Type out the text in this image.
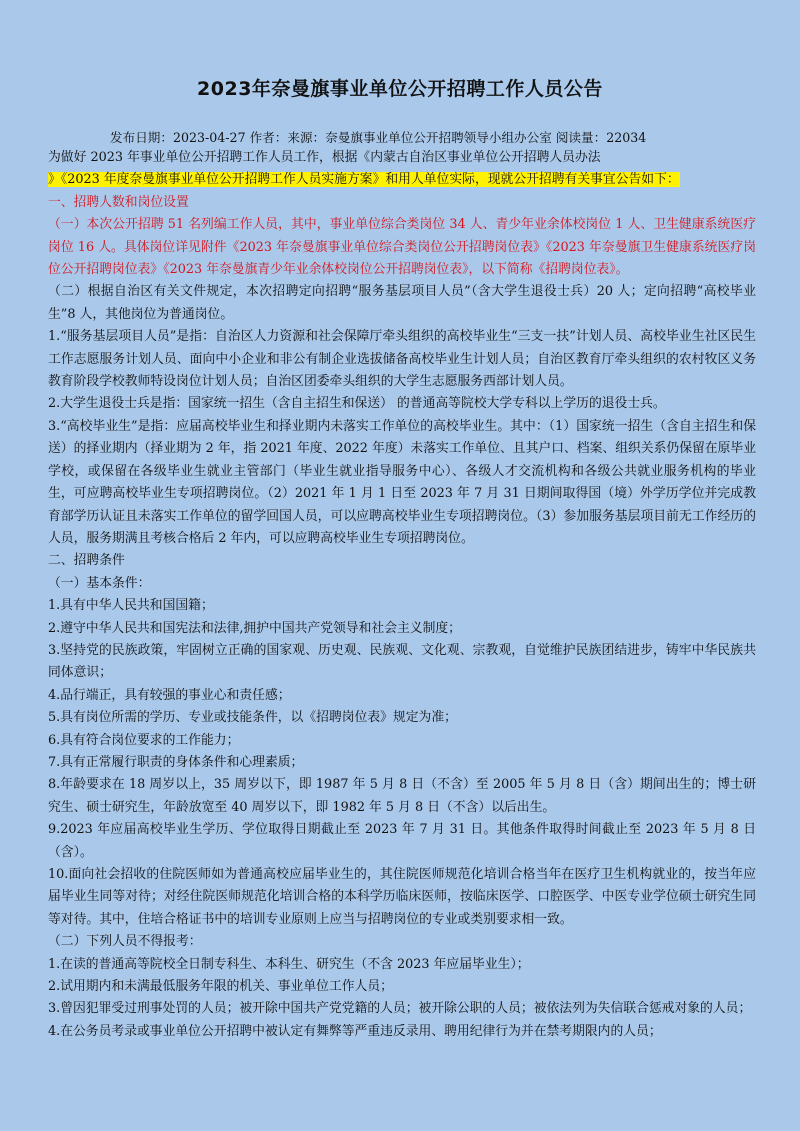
2023年奈曼旗事业单位公开招聘工作人员公告
发布日期：2023-04-27 作者：来源：奈曼旗事业单位公开招聘领导小组办公室 阅读量：22034

为做好 2023 年事业单位公开招聘工作人员工作，根据《内蒙古自治区事业单位公开招聘人员办法

》《2023 年度奈曼旗事业单位公开招聘工作人员实施方案》和用人单位实际，现就公开招聘有关事宜公告如下：

一、招聘人数和岗位设置

（一）本次公开招聘 51 名列编工作人员，其中，事业单位综合类岗位 34 人、青少年业余体校岗位 1 人、卫生健康系统医疗岗位 16 人。具体岗位详见附件《2023 年奈曼旗事业单位综合类岗位公开招聘岗位表》《2023 年奈曼旗卫生健康系统医疗岗位公开招聘岗位表》《2023 年奈曼旗青少年业余体校岗位公开招聘岗位表》，以下简称《招聘岗位表》。

（二）根据自治区有关文件规定，本次招聘定向招聘“服务基层项目人员”（含大学生退役士兵）20 人；定向招聘“高校毕业生”8 人，其他岗位为普通岗位。

1.“服务基层项目人员”是指：自治区人力资源和社会保障厅牵头组织的高校毕业生“三支一扶”计划人员、高校毕业生社区民生工作志愿服务计划人员、面向中小企业和非公有制企业选拔储备高校毕业生计划人员；自治区教育厅牵头组织的农村牧区义务教育阶段学校教师特设岗位计划人员；自治区团委牵头组织的大学生志愿服务西部计划人员。

2.大学生退役士兵是指：国家统一招生（含自主招生和保送） 的普通高等院校大学专科以上学历的退役士兵。

3.“高校毕业生”是指：应届高校毕业生和择业期内未落实工作单位的高校毕业生。其中：（1）国家统一招生（含自主招生和保送）的择业期内（择业期为 2 年，指 2021 年度、2022 年度）未落实工作单位、且其户口、档案、组织关系仍保留在原毕业学校，或保留在各级毕业生就业主管部门（毕业生就业指导服务中心）、各级人才交流机构和各级公共就业服务机构的毕业生，可应聘高校毕业生专项招聘岗位。（2）2021 年 1 月 1 日至 2023 年 7 月 31 日期间取得国（境）外学历学位并完成教育部学历认证且未落实工作单位的留学回国人员，可以应聘高校毕业生专项招聘岗位。（3）参加服务基层项目前无工作经历的人员，服务期满且考核合格后 2 年内，可以应聘高校毕业生专项招聘岗位。

二、招聘条件

（一）基本条件：

1.具有中华人民共和国国籍；

2.遵守中华人民共和国宪法和法律,拥护中国共产党领导和社会主义制度；

3.坚持党的民族政策，牢固树立正确的国家观、历史观、民族观、文化观、宗教观，自觉维护民族团结进步，铸牢中华民族共同体意识；

4.品行端正，具有较强的事业心和责任感；

5.具有岗位所需的学历、专业或技能条件，以《招聘岗位表》规定为准；

6.具有符合岗位要求的工作能力；

7.具有正常履行职责的身体条件和心理素质；

8.年龄要求在 18 周岁以上，35 周岁以下，即 1987 年 5 月 8 日（不含）至 2005 年 5 月 8 日（含）期间出生的；博士研究生、硕士研究生，年龄放宽至 40 周岁以下，即 1982 年 5 月 8 日（不含）以后出生。

9.2023 年应届高校毕业生学历、学位取得日期截止至 2023 年 7 月 31 日。其他条件取得时间截止至 2023 年 5 月 8 日（含）。

10.面向社会招收的住院医师如为普通高校应届毕业生的，其住院医师规范化培训合格当年在医疗卫生机构就业的，按当年应届毕业生同等对待；对经住院医师规范化培训合格的本科学历临床医师，按临床医学、口腔医学、中医专业学位硕士研究生同等对待。其中，住培合格证书中的培训专业原则上应当与招聘岗位的专业或类别要求相一致。

（二）下列人员不得报考：

1.在读的普通高等院校全日制专科生、本科生、研究生（不含 2023 年应届毕业生）；

2.试用期内和未满最低服务年限的机关、事业单位工作人员；

3.曾因犯罪受过刑事处罚的人员；被开除中国共产党党籍的人员；被开除公职的人员；被依法列为失信联合惩戒对象的人员；

4.在公务员考录或事业单位公开招聘中被认定有舞弊等严重违反录用、聘用纪律行为并在禁考期限内的人员；
